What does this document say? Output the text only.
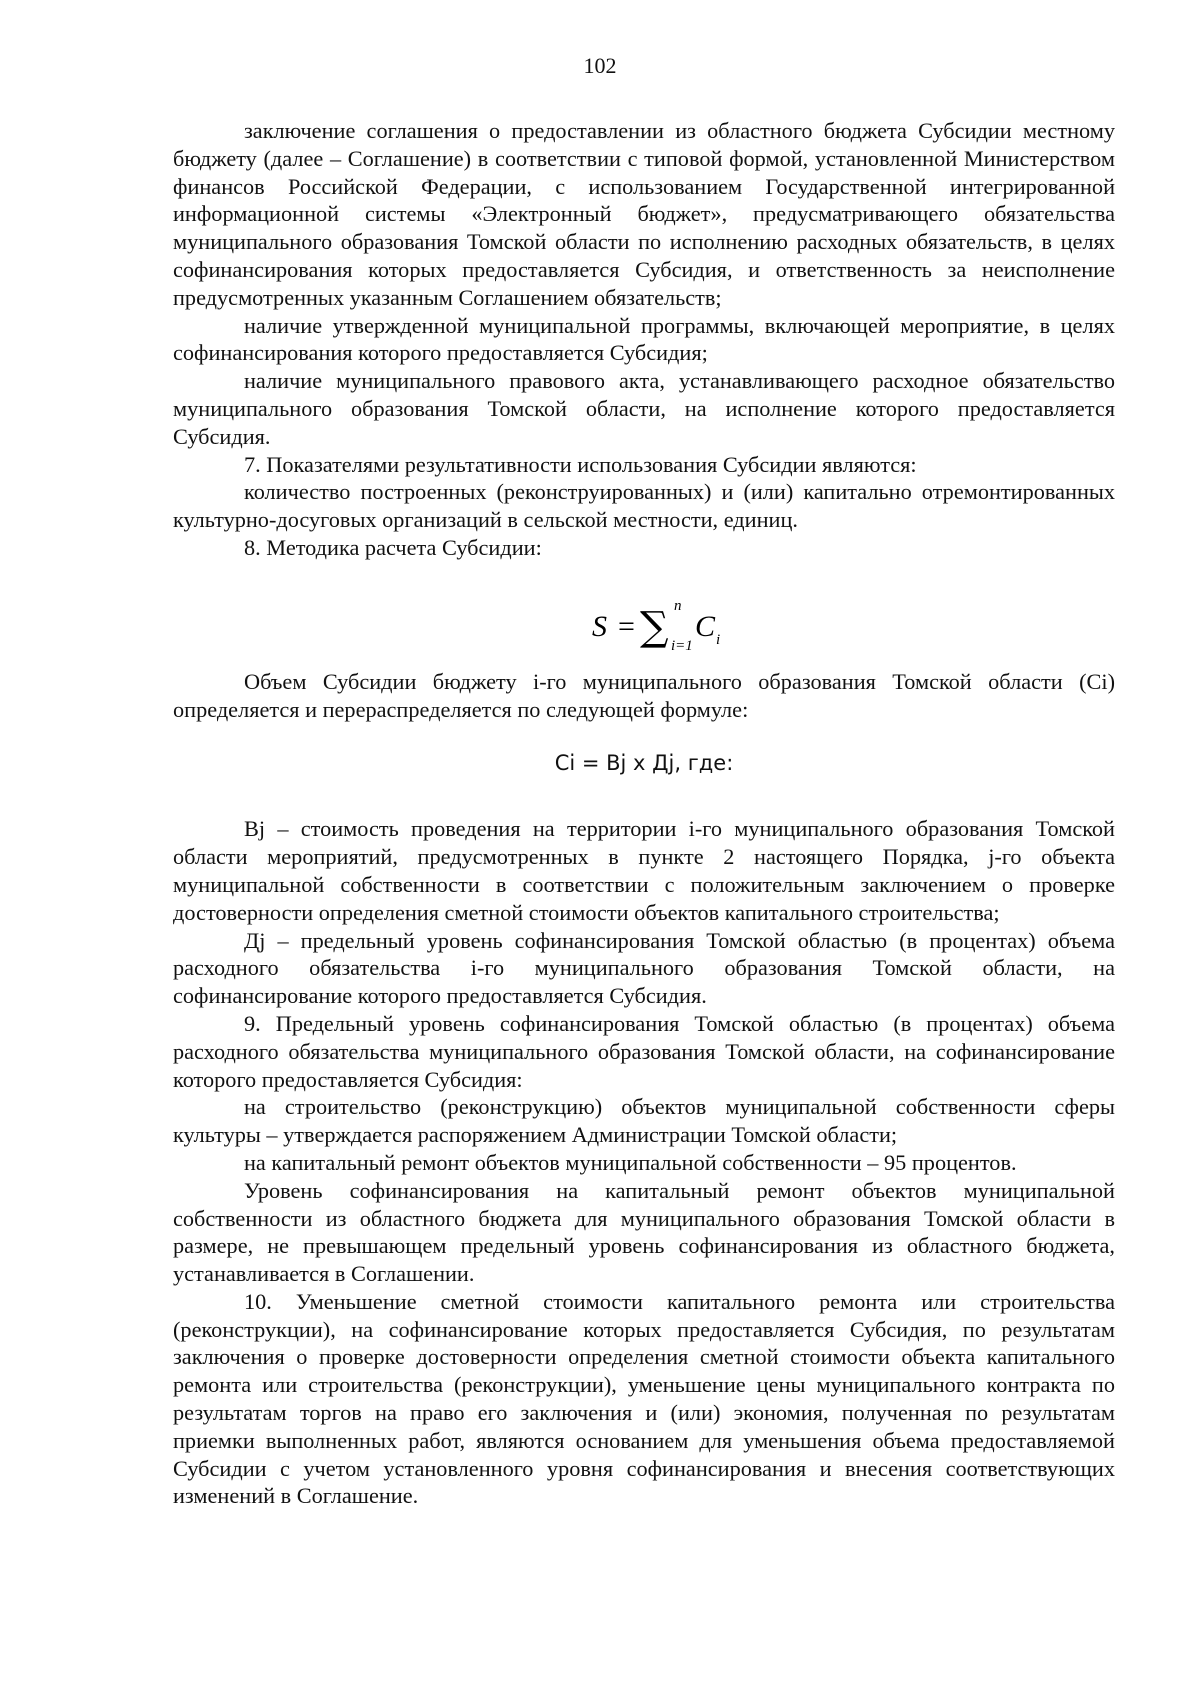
102

заключение соглашения о предоставлении из областного бюджета Субсидии местному бюджету (далее – Соглашение) в соответствии с типовой формой, установленной Министерством финансов Российской Федерации, с использованием Государственной интегрированной информационной системы «Электронный бюджет», предусматривающего обязательства муниципального образования Томской области по исполнению расходных обязательств, в целях софинансирования которых предоставляется Субсидия, и ответственность за неисполнение предусмотренных указанным Соглашением обязательств;

наличие утвержденной муниципальной программы, включающей мероприятие, в целях софинансирования которого предоставляется Субсидия;

наличие муниципального правового акта, устанавливающего расходное обязательство муниципального образования Томской области, на исполнение которого предоставляется Субсидия.

7. Показателями результативности использования Субсидии являются:

количество построенных (реконструированных) и (или) капитально отремонтированных культурно-досуговых организаций в сельской местности, единиц.

8. Методика расчета Субсидии:

S = ∑ n
i=1
C i

Объем Субсидии бюджету i-го муниципального образования Томской области (Ci) определяется и перераспределяется по следующей формуле:

Ci = Bj x Дj, где:

Bj – стоимость проведения на территории i-го муниципального образования Томской области мероприятий, предусмотренных в пункте 2 настоящего Порядка, j-го объекта муниципальной собственности в соответствии с положительным заключением о проверке достоверности определения сметной стоимости объектов капитального строительства;

Дj – предельный уровень софинансирования Томской областью (в процентах) объема расходного обязательства i-го муниципального образования Томской области, на софинансирование которого предоставляется Субсидия.

9. Предельный уровень софинансирования Томской областью (в процентах) объема расходного обязательства муниципального образования Томской области, на софинансирование которого предоставляется Субсидия:

на строительство (реконструкцию) объектов муниципальной собственности сферы культуры – утверждается распоряжением Администрации Томской области;

на капитальный ремонт объектов муниципальной собственности – 95 процентов.

Уровень софинансирования на капитальный ремонт объектов муниципальной собственности из областного бюджета для муниципального образования Томской области в размере, не превышающем предельный уровень софинансирования из областного бюджета, устанавливается в Соглашении.

10. Уменьшение сметной стоимости капитального ремонта или строительства (реконструкции), на софинансирование которых предоставляется Субсидия, по результатам заключения о проверке достоверности определения сметной стоимости объекта капитального ремонта или строительства (реконструкции), уменьшение цены муниципального контракта по результатам торгов на право его заключения и (или) экономия, полученная по результатам приемки выполненных работ, являются основанием для уменьшения объема предоставляемой Субсидии с учетом установленного уровня софинансирования и внесения соответствующих изменений в Соглашение.
